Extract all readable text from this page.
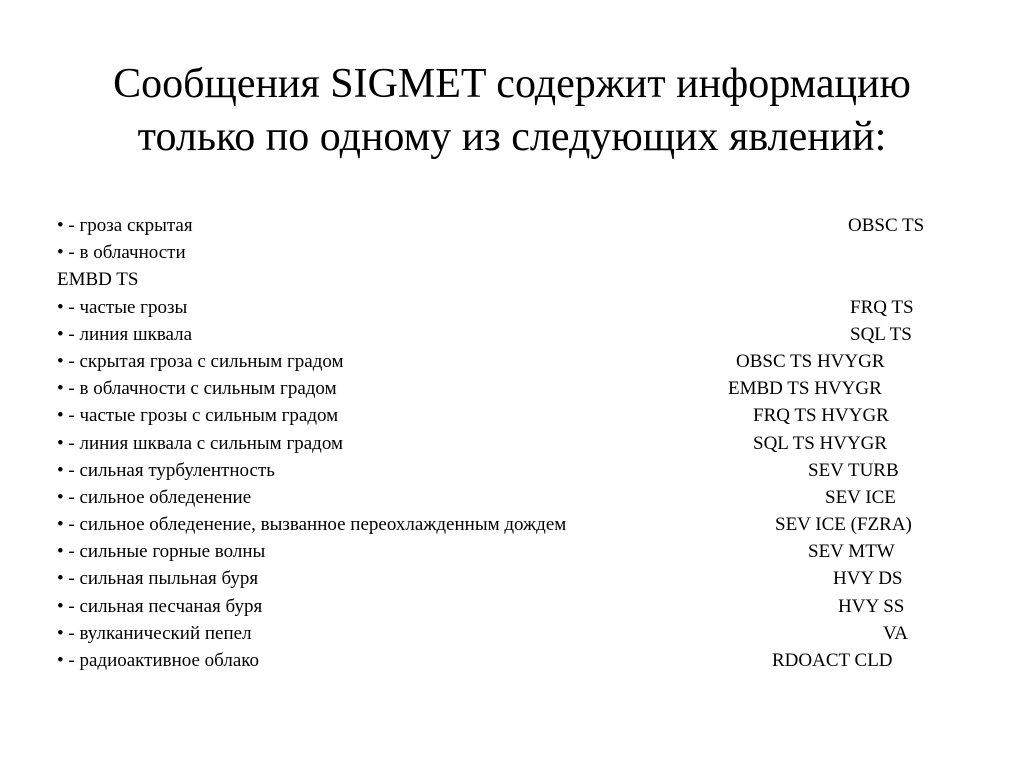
Сообщения SIGMET содержит информацию
только по одному из следующих явлений:
• - гроза скрытая	OBSC TS
• - в облачности
EMBD TS
• - частые грозы	FRQ TS
• - линия шквала	SQL TS
• - скрытая гроза с сильным градом	OBSC TS HVYGR
• - в облачности с сильным градом	EMBD TS HVYGR
• - частые грозы с сильным градом	FRQ TS HVYGR
• - линия шквала с сильным градом	SQL TS HVYGR
• - сильная турбулентность	SEV TURB
• - сильное обледенение	SEV ICE
• - сильное обледенение, вызванное переохлажденным дождем	SEV ICE (FZRA)
• - сильные горные волны	SEV MTW
• - сильная пыльная буря	HVY DS
• - сильная песчаная буря	HVY SS
• - вулканический пепел	VA
• - радиоактивное облако	RDOACT CLD
